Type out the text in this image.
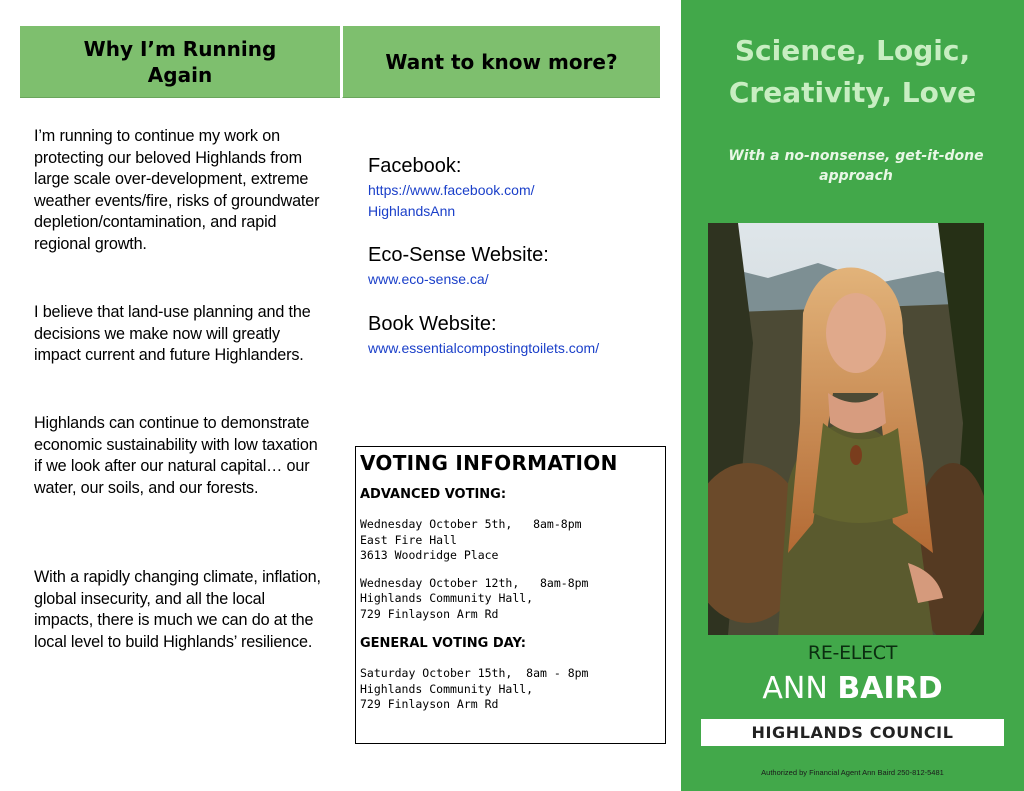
Why I’m Running Again
Want to know more?

I’m running to continue my work on protecting our beloved Highlands from large scale over-development, extreme weather events/fire, risks of groundwater depletion/contamination, and rapid regional growth.

I believe that land-use planning and the decisions we make now will greatly impact current and future Highlanders.

Highlands can continue to demonstrate economic sustainability with low taxation if we look after our natural capital… our water, our soils, and our forests.

With a rapidly changing climate, inflation, global insecurity, and all the local impacts, there is much we can do at the local level to build Highlands’ resilience.

Facebook:
https://www.facebook.com/
HighlandsAnn
Eco-Sense Website:
www.eco-sense.ca/
Book Website:
www.essentialcompostingtoilets.com/
VOTING INFORMATION
ADVANCED VOTING:
Wednesday October 5th,   8am-8pm
East Fire Hall
3613 Woodridge Place
Wednesday October 12th,   8am-8pm
Highlands Community Hall,
729 Finlayson Arm Rd
GENERAL VOTING DAY:
Saturday October 15th,  8am - 8pm
Highlands Community Hall,
729 Finlayson Arm Rd
Science, Logic,
Creativity, Love
With a no-nonsense, get-it-done approach
RE-ELECT
ANN BAIRD
HIGHLANDS COUNCIL
Authorized by Financial Agent Ann Baird 250-812-5481
